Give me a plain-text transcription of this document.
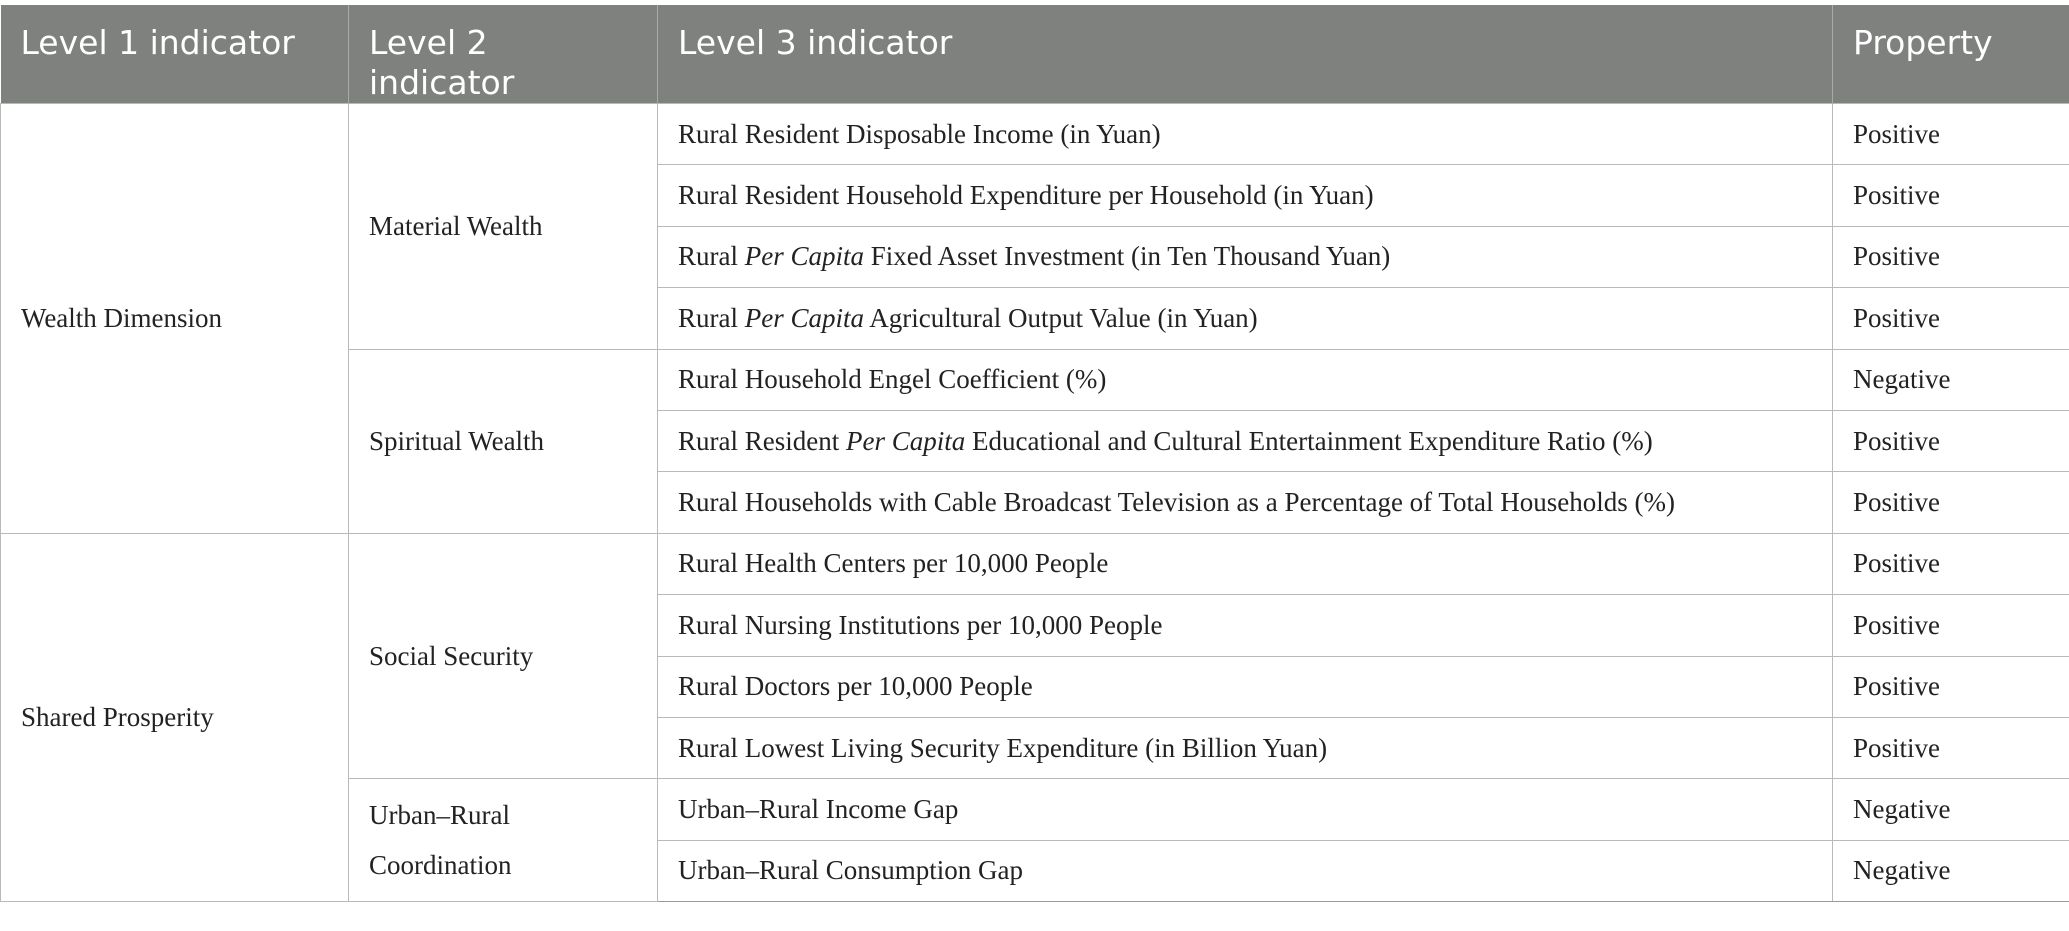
Level 1 indicator	Level 2 indicator	Level 3 indicator	Property
Wealth Dimension	Material Wealth	Rural Resident Disposable Income (in Yuan)	Positive
		Rural Resident Household Expenditure per Household (in Yuan)	Positive
		Rural Per Capita Fixed Asset Investment (in Ten Thousand Yuan)	Positive
		Rural Per Capita Agricultural Output Value (in Yuan)	Positive
	Spiritual Wealth	Rural Household Engel Coefficient (%)	Negative
		Rural Resident Per Capita Educational and Cultural Entertainment Expenditure Ratio (%)	Positive
		Rural Households with Cable Broadcast Television as a Percentage of Total Households (%)	Positive
Shared Prosperity	Social Security	Rural Health Centers per 10,000 People	Positive
		Rural Nursing Institutions per 10,000 People	Positive
		Rural Doctors per 10,000 People	Positive
		Rural Lowest Living Security Expenditure (in Billion Yuan)	Positive
	Urban–Rural Coordination	Urban–Rural Income Gap	Negative
		Urban–Rural Consumption Gap	Negative
